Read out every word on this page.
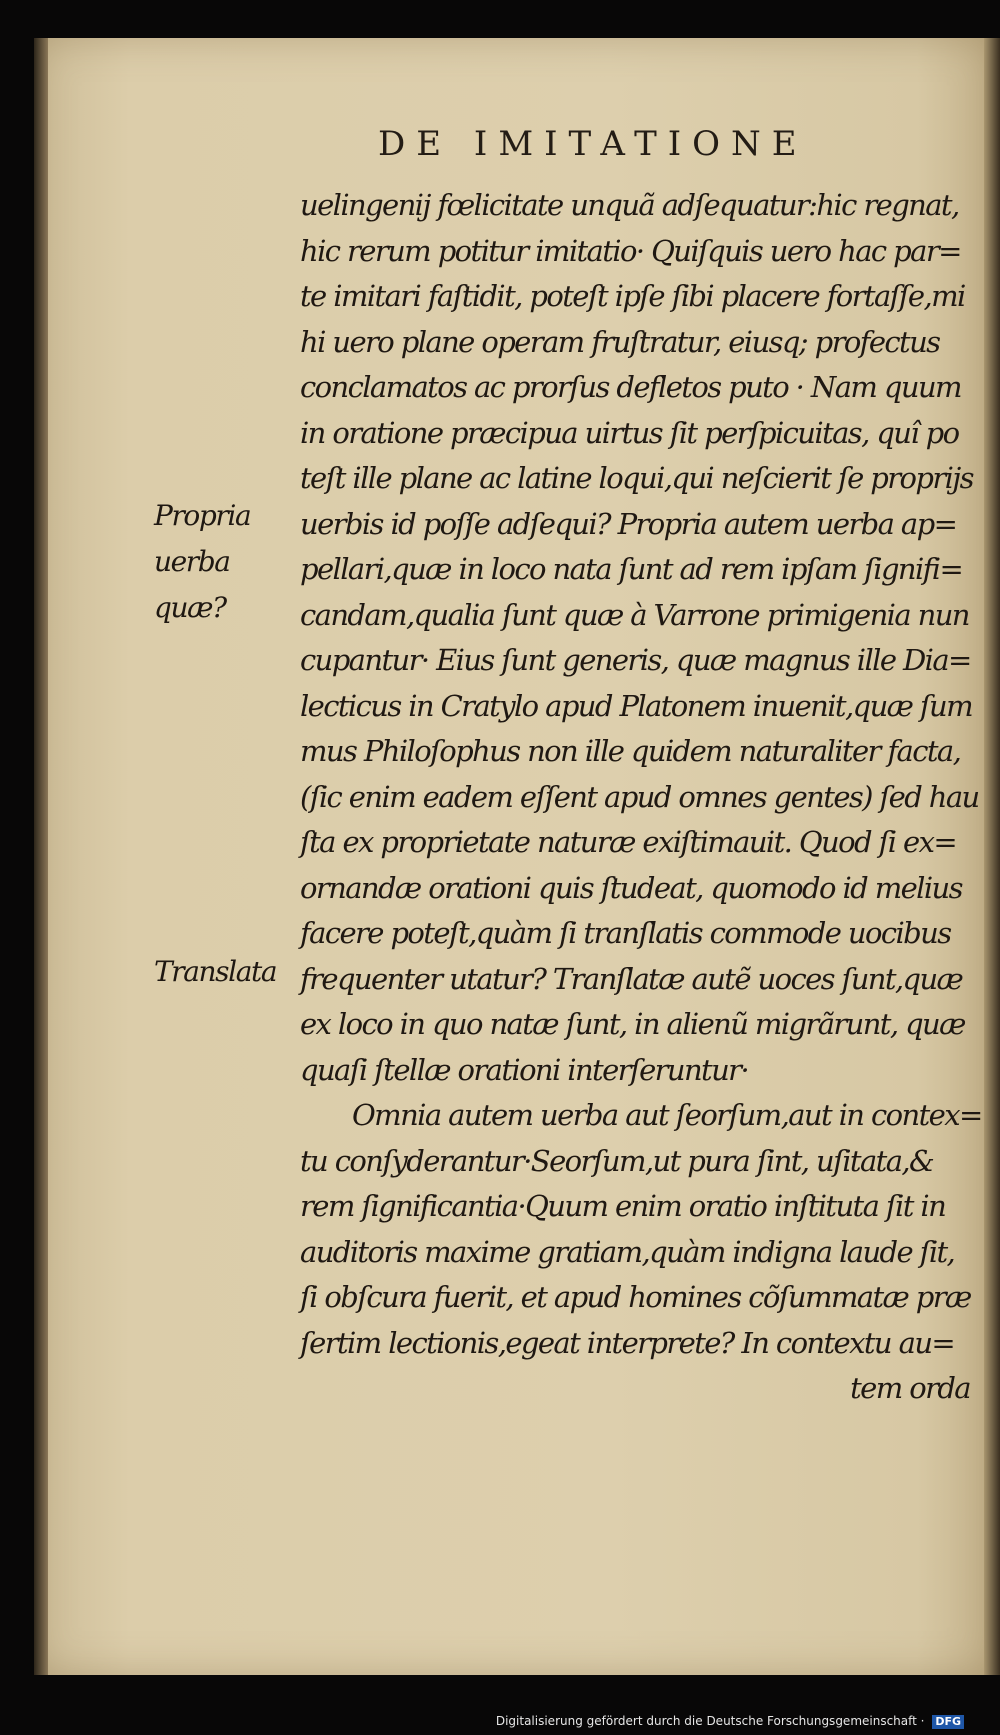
DE IMITATIONE
Propria
uerba
quæ?
Translata
uelingenij fœlicitate unquã adſequatur:hic regnat,
hic rerum potitur imitatio· Quiſquis uero hac par=
te imitari faſtidit, poteſt ipſe ſibi placere fortaſſe,mi
hi uero plane operam fruſtratur, eiusq; profectus
conclamatos ac prorſus defletos puto · Nam quum
in oratione præcipua uirtus ſit perſpicuitas, quî po
teſt ille plane ac latine loqui,qui neſcierit ſe proprijs
uerbis id poſſe adſequi? Propria autem uerba ap=
pellari,quæ in loco nata ſunt ad rem ipſam ſignifi=
candam,qualia ſunt quæ à Varrone primigenia nun
cupantur· Eius ſunt generis, quæ magnus ille Dia=
lecticus in Cratylo apud Platonem inuenit,quæ ſum
mus Philoſophus non ille quidem naturaliter facta,
(ſic enim eadem eſſent apud omnes gentes) ſed hau
ſta ex proprietate naturæ exiſtimauit. Quod ſi ex=
ornandæ orationi quis ſtudeat, quomodo id melius
facere poteſt,quàm ſi tranſlatis commode uocibus
frequenter utatur? Tranſlatæ autẽ uoces ſunt,quæ
ex loco in quo natæ ſunt, in alienũ migrãrunt, quæ
quaſi ſtellæ orationi interſeruntur·
Omnia autem uerba aut ſeorſum,aut in contex=
tu conſyderantur·Seorſum,ut pura ſint, uſitata,&
rem ſignificantia·Quum enim oratio inſtituta ſit in
auditoris maxime gratiam,quàm indigna laude ſit,
ſi obſcura fuerit, et apud homines cõſummatæ præ
ſertim lectionis,egeat interprete? In contextu au=
tem orda
Digitalisierung gefördert durch die Deutsche Forschungsgemeinschaft · DFG
